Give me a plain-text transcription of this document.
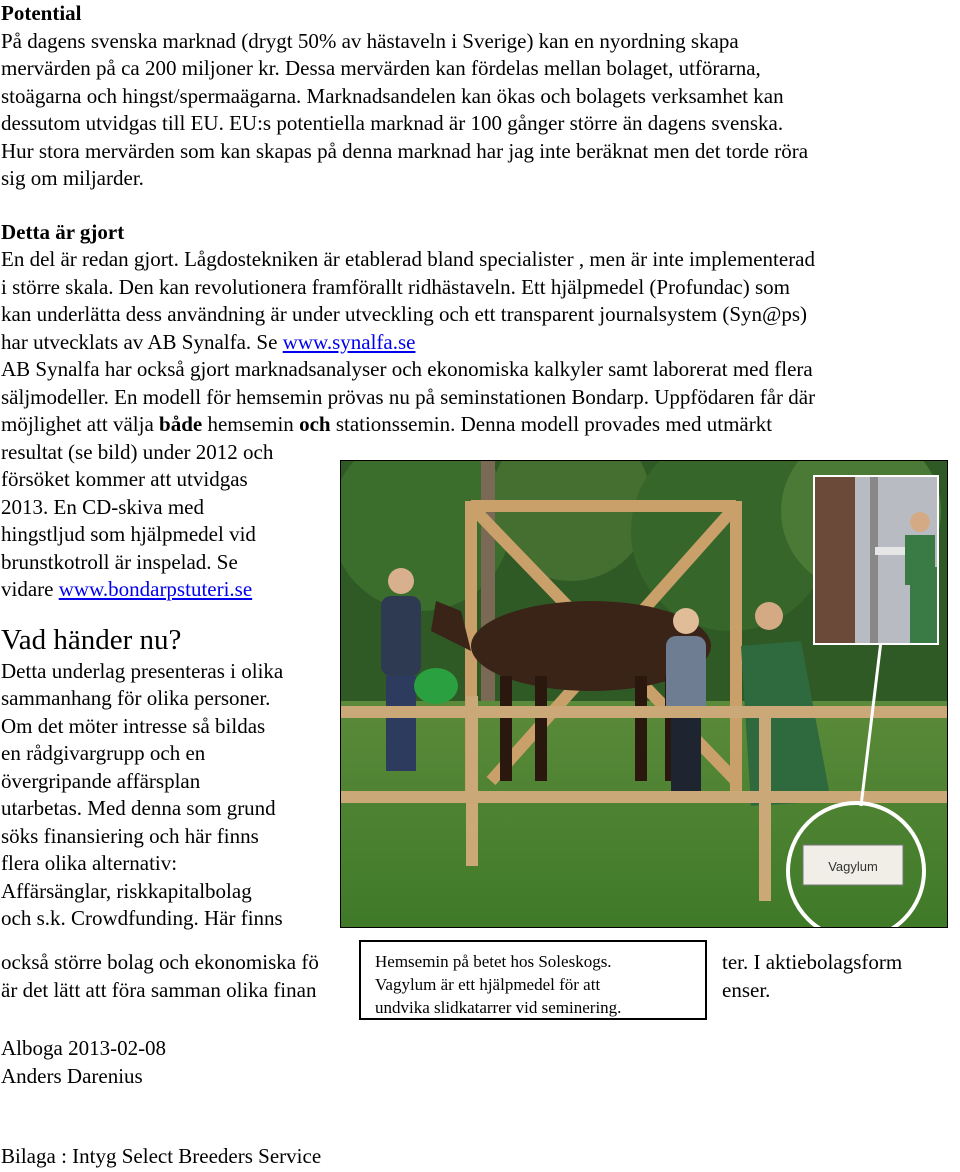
Potential

På dagens svenska marknad (drygt 50% av hästaveln i Sverige) kan en nyordning skapa

mervärden på ca 200 miljoner kr. Dessa mervärden kan fördelas mellan bolaget, utförarna,

stoägarna och hingst/spermaägarna. Marknadsandelen kan ökas och bolagets verksamhet kan

dessutom utvidgas till EU. EU:s potentiella marknad är 100 gånger större än dagens svenska.

Hur stora mervärden som kan skapas på denna marknad har jag inte beräknat men det torde röra

sig om miljarder.

Detta är gjort

En del är redan gjort. Lågdostekniken är etablerad bland specialister , men är inte implementerad

i större skala. Den kan revolutionera framförallt ridhästaveln. Ett hjälpmedel (Profundac) som

kan underlätta dess användning är under utveckling och ett transparent journalsystem (Syn@ps)

har utvecklats av AB Synalfa. Se www.synalfa.se

AB Synalfa har också gjort marknadsanalyser och ekonomiska kalkyler samt laborerat med flera

säljmodeller. En modell för hemsemin prövas nu på seminstationen Bondarp. Uppfödaren får där

möjlighet att välja både hemsemin och stationssemin. Denna modell provades med utmärkt

resultat (se bild) under 2012 och

försöket kommer att utvidgas

2013. En CD-skiva med

hingstljud som hjälpmedel vid

brunstkotroll är inspelad. Se

vidare www.bondarpstuteri.se

Vad händer nu?

Detta underlag presenteras i olika

sammanhang för olika personer.

Om det möter intresse så bildas

en rådgivargrupp och en

övergripande affärsplan

utarbetas. Med denna som grund

söks finansiering och här finns

flera olika alternativ:

Affärsänglar, riskkapitalbolag

och s.k. Crowdfunding. Här finns

också större bolag och ekonomiska fö	ter. I aktiebolagsform
är det lätt att föra samman olika finan	enser.
Vagylum
Hemsemin på betet hos Soleskogs.
Vagylum är ett hjälpmedel för att
undvika slidkatarrer vid seminering.

Alboga 2013-02-08

Anders Darenius

Bilaga : Intyg Select Breeders Service
